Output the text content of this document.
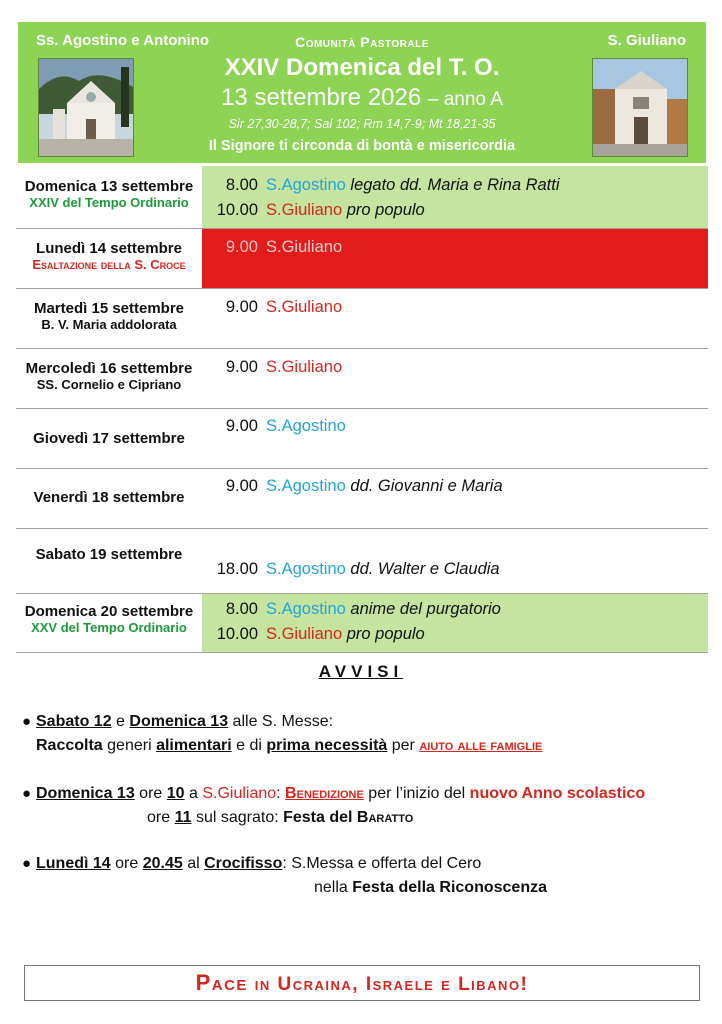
Ss. Agostino e Antonino	Comunità Pastorale	S. Giuliano
XXIV Domenica del T. O.
13 settembre 2026 – anno A
Sir 27,30-28,7; Sal 102; Rm 14,7-9; Mt 18,21-35
Il Signore ti circonda di bontà e misericordia
Domenica 13 settembre
XXIV del Tempo Ordinario
8.00 S.Agostino legato dd. Maria e Rina Ratti
10.00 S.Giuliano pro populo
Lunedì 14 settembre
Esaltazione della S. Croce
9.00 S.Giuliano
Martedì 15 settembre
B. V. Maria addolorata
9.00 S.Giuliano
Mercoledì 16 settembre
SS. Cornelio e Cipriano
9.00 S.Giuliano
Giovedì 17 settembre
9.00 S.Agostino
Venerdì 18 settembre
9.00 S.Agostino dd. Giovanni e Maria
Sabato 19 settembre
18.00 S.Agostino dd. Walter e Claudia
Domenica 20 settembre
XXV del Tempo Ordinario
8.00 S.Agostino anime del purgatorio
10.00 S.Giuliano pro populo
AVVISI
● Sabato 12 e Domenica 13 alle S. Messe:
Raccolta generi alimentari e di prima necessità per aiuto alle famiglie
● Domenica 13 ore 10 a S.Giuliano: Benedizione per l’inizio del nuovo Anno scolastico
ore 11 sul sagrato: Festa del Baratto
● Lunedì 14 ore 20.45 al Crocifisso: S.Messa e offerta del Cero
nella Festa della Riconoscenza
Pace in Ucraina, Israele e Libano!
